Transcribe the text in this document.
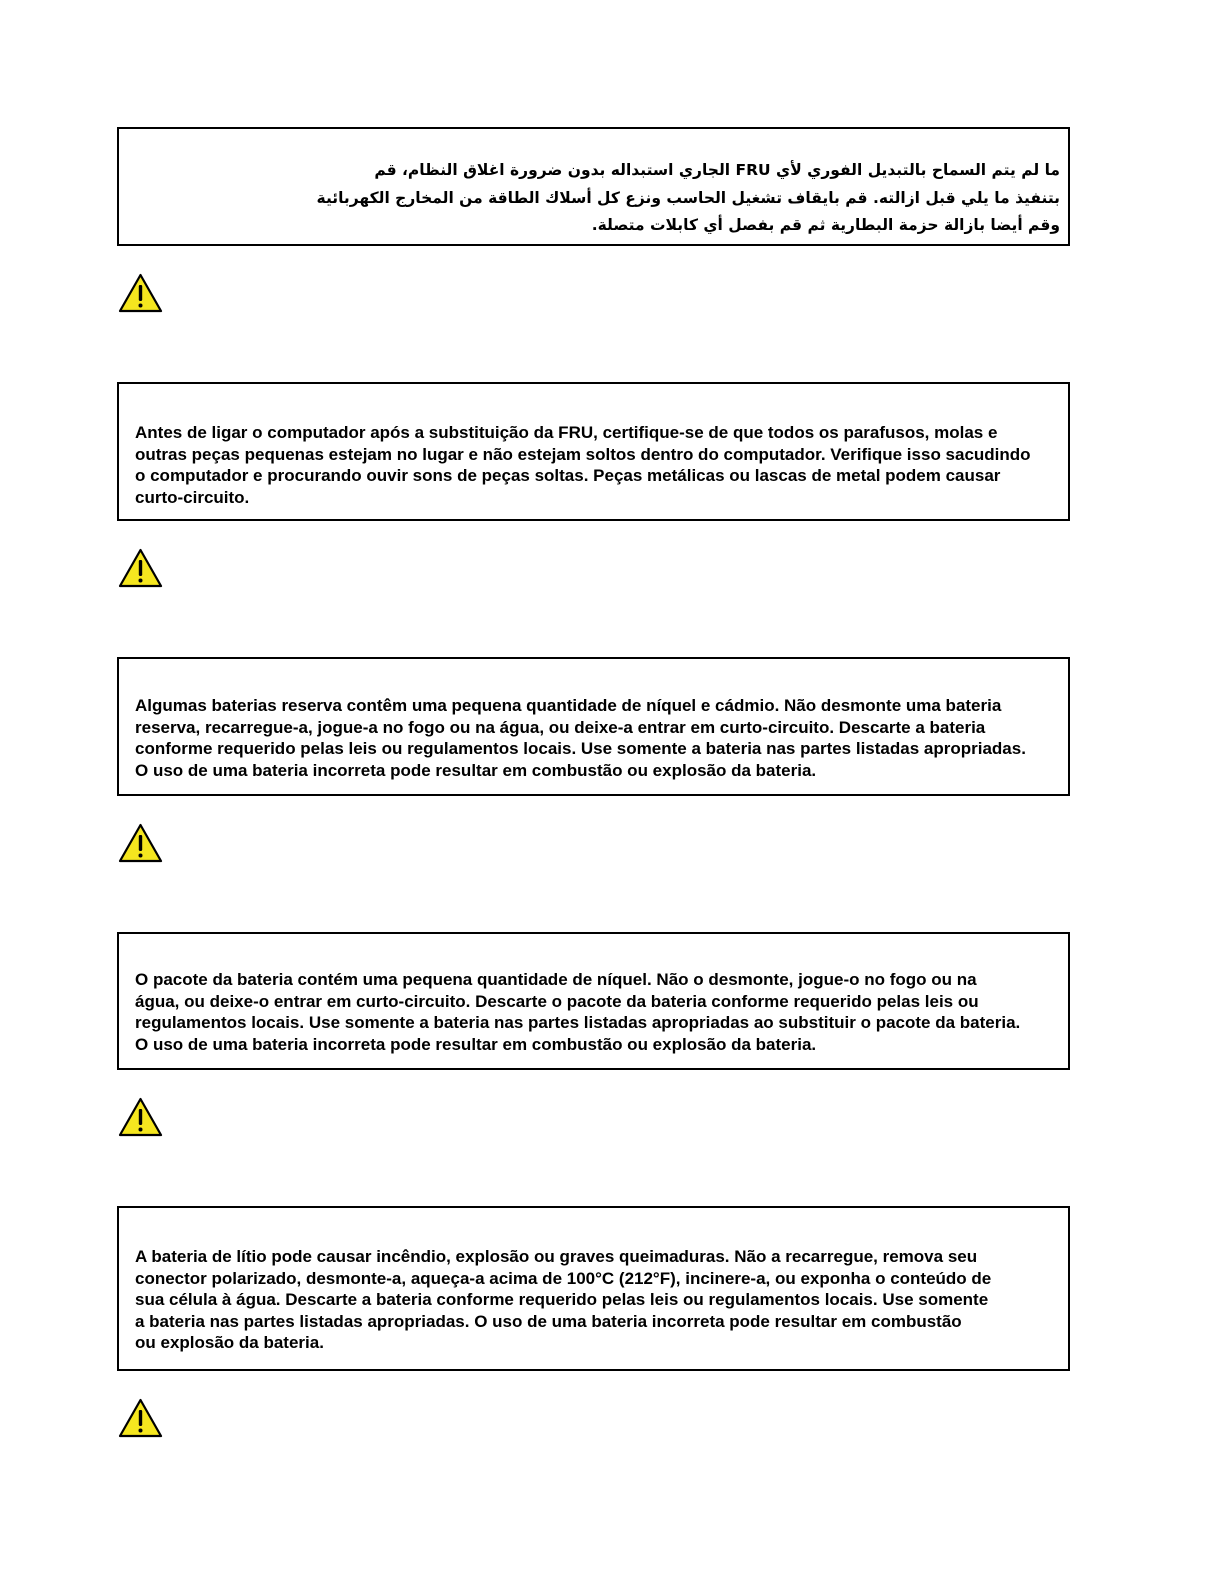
ما لم يتم السماح بالتبديل الفوري لأي FRU الجاري استبداله بدون ضرورة اغلاق النظام، قم
بتنفيذ ما يلي قبل ازالته. قم بايقاف تشغيل الحاسب ونزع كل أسلاك الطاقة من المخارج الكهربائية
وقم أيضا بازالة حزمة البطارية ثم قم بفصل أي كابلات متصلة.

Antes de ligar o computador após a substituição da FRU, certifique-se de que todos os parafusos, molas e
outras peças pequenas estejam no lugar e não estejam soltos dentro do computador. Verifique isso sacudindo
o computador e procurando ouvir sons de peças soltas. Peças metálicas ou lascas de metal podem causar
curto-circuito.

Algumas baterias reserva contêm uma pequena quantidade de níquel e cádmio. Não desmonte uma bateria
reserva, recarregue-a, jogue-a no fogo ou na água, ou deixe-a entrar em curto-circuito. Descarte a bateria
conforme requerido pelas leis ou regulamentos locais. Use somente a bateria nas partes listadas apropriadas.
O uso de uma bateria incorreta pode resultar em combustão ou explosão da bateria.

O pacote da bateria contém uma pequena quantidade de níquel. Não o desmonte, jogue-o no fogo ou na
água, ou deixe-o entrar em curto-circuito. Descarte o pacote da bateria conforme requerido pelas leis ou
regulamentos locais. Use somente a bateria nas partes listadas apropriadas ao substituir o pacote da bateria.
O uso de uma bateria incorreta pode resultar em combustão ou explosão da bateria.

A bateria de lítio pode causar incêndio, explosão ou graves queimaduras. Não a recarregue, remova seu
conector polarizado, desmonte-a, aqueça-a acima de 100°C (212°F), incinere-a, ou exponha o conteúdo de
sua célula à água. Descarte a bateria conforme requerido pelas leis ou regulamentos locais. Use somente
a bateria nas partes listadas apropriadas. O uso de uma bateria incorreta pode resultar em combustão
ou explosão da bateria.
